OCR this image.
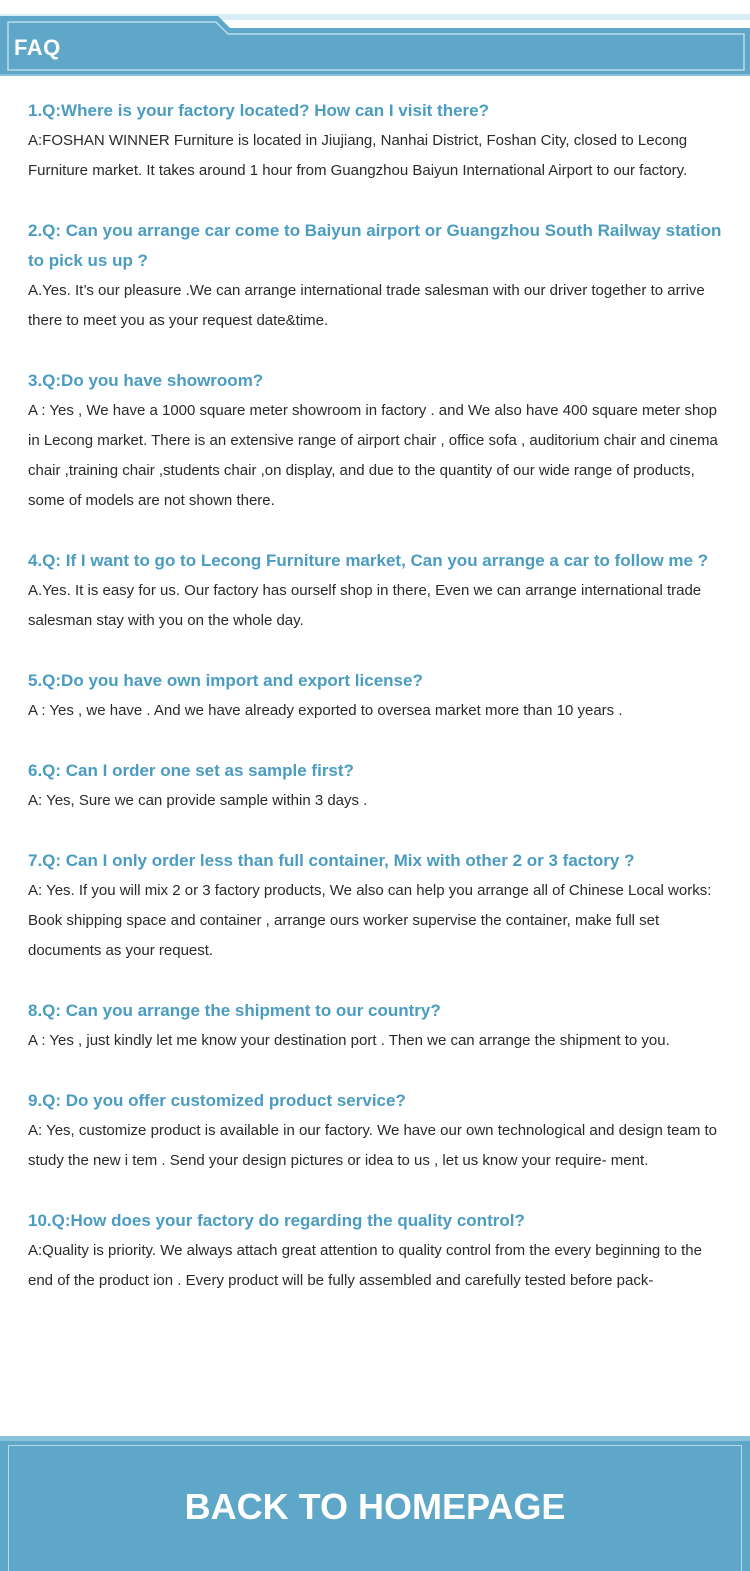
FAQ

1.Q:Where is your factory located? How can I visit there?

A:FOSHAN WINNER Furniture is located in Jiujiang, Nanhai District, Foshan City, closed to Lecong Furniture market. It takes around 1 hour from Guangzhou Baiyun International Airport to our factory.

2.Q: Can you arrange car come to Baiyun airport or Guangzhou South Railway station to pick us up ?

A.Yes. It’s our pleasure .We can arrange international trade salesman with our driver together to arrive there to meet you as your request date&time.

3.Q:Do you have showroom?

A : Yes , We have a 1000 square meter showroom in factory . and We also have 400 square meter shop in Lecong market. There is an extensive range of airport chair , office sofa , auditorium chair and cinema chair ,training chair ,students chair ,on display, and due to the quantity of our wide range of products, some of models are not shown there.

4.Q: If I want to go to Lecong Furniture market, Can you arrange a car to follow me ?

A.Yes. It is easy for us. Our factory has ourself shop in there, Even we can arrange international trade salesman stay with you on the whole day.

5.Q:Do you have own import and export license?

A : Yes , we have . And we have already exported to oversea market more than 10 years .

6.Q: Can I order one set as sample first?

A: Yes, Sure we can provide sample within 3 days .

7.Q: Can I only order less than full container, Mix with other 2 or 3 factory ?

A: Yes. If you will mix 2 or 3 factory products, We also can help you arrange all of Chinese Local works: Book shipping space and container , arrange ours worker supervise the container, make full set documents as your request.

8.Q: Can you arrange the shipment to our country?

A : Yes , just kindly let me know your destination port . Then we can arrange the shipment to you.

9.Q: Do you offer customized product service?

A: Yes, customize product is available in our factory. We have our own technological and design team to study the new i tem . Send your design pictures or idea to us , let us know your require- ment.

10.Q:How does your factory do regarding the quality control?

A:Quality is priority. We always attach great attention to quality control from the every beginning to the end of the product ion . Every product will be fully assembled and carefully tested before pack-

BACK TO HOMEPAGE
